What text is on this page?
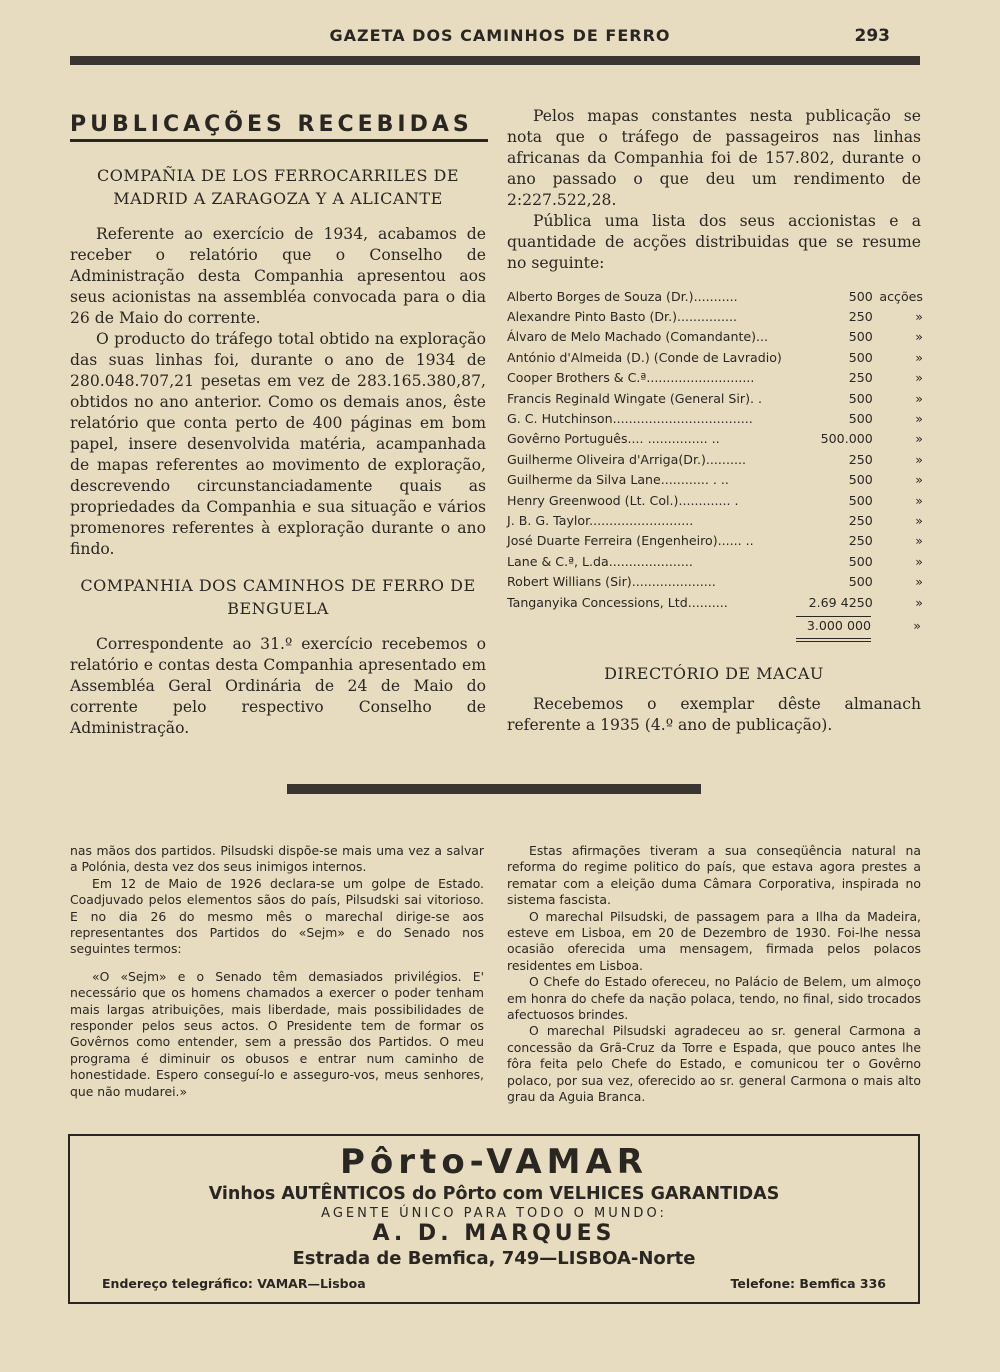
GAZETA DOS CAMINHOS DE FERRO	293
PUBLICAÇÕES RECEBIDAS
COMPAÑIA DE LOS FERROCARRILES DE MADRID A ZARAGOZA Y A ALICANTE

Referente ao exercício de 1934, acabamos de receber o relatório que o Conselho de Administração desta Companhia apresentou aos seus acionistas na assembléa convocada para o dia 26 de Maio do corrente.

O producto do tráfego total obtido na exploração das suas linhas foi, durante o ano de 1934 de 280.048.707,21 pesetas em vez de 283.165.380,87, obtidos no ano anterior. Como os demais anos, êste relatório que conta perto de 400 páginas em bom papel, insere desenvolvida matéria, acampanhada de mapas referentes ao movimento de exploração, descrevendo circunstanciadamente quais as propriedades da Companhia e sua situação e vários promenores referentes à exploração durante o ano findo.

COMPANHIA DOS CAMINHOS DE FERRO DE BENGUELA

Correspondente ao 31.º exercício recebemos o relatório e contas desta Companhia apresentado em Assembléa Geral Ordinária de 24 de Maio do corrente pelo respectivo Conselho de Administração.

Pelos mapas constantes nesta publicação se nota que o tráfego de passageiros nas linhas africanas da Companhia foi de 157.802, durante o ano passado o que deu um rendimento de 2:227.522,28.

Pública uma lista dos seus accionistas e a quantidade de acções distribuidas que se resume no seguinte:

Alberto Borges de Souza (Dr.)...........	500	acções
Alexandre Pinto Basto (Dr.)...............	250	»
Álvaro de Melo Machado (Comandante)...	500	»
António d'Almeida (D.) (Conde de Lavradio)	500	»
Cooper Brothers & C.ª...........................	250	»
Francis Reginald Wingate (General Sir). .	500	»
G. C. Hutchinson...................................	500	»
Govêrno Português.... ............... ..	500.000	»
Guilherme Oliveira d'Arriga(Dr.)..........	250	»
Guilherme da Silva Lane............ . ..	500	»
Henry Greenwood (Lt. Col.)............. .	500	»
J. B. G. Taylor..........................	250	»
José Duarte Ferreira (Engenheiro)...... ..	250	»
Lane & C.ª, L.da.....................	500	»
Robert Willians (Sir).....................	500	»
Tanganyika Concessions, Ltd..........	2.69 4250	»
3.000 000	»
DIRECTÓRIO DE MACAU

Recebemos o exemplar dêste almanach referente a 1935 (4.º ano de publicação).

nas mãos dos partidos. Pilsudski dispõe-se mais uma vez a salvar a Polónia, desta vez dos seus inimigos internos.

Em 12 de Maio de 1926 declara-se um golpe de Estado. Coadjuvado pelos elementos sãos do país, Pilsudski sai vitorioso. E no dia 26 do mesmo mês o marechal dirige-se aos representantes dos Partidos do «Sejm» e do Senado nos seguintes termos:

«O «Sejm» e o Senado têm demasiados privilégios. E' necessário que os homens chamados a exercer o poder tenham mais largas atribuições, mais liberdade, mais possibilidades de responder pelos seus actos. O Presidente tem de formar os Govêrnos como entender, sem a pressão dos Partidos. O meu programa é diminuir os obusos e entrar num caminho de honestidade. Espero conseguí-lo e asseguro-vos, meus senhores, que não mudarei.»

Estas afirmações tiveram a sua conseqüência natural na reforma do regime politico do país, que estava agora prestes a rematar com a eleição duma Câmara Corporativa, inspirada no sistema fascista.

O marechal Pilsudski, de passagem para a Ilha da Madeira, esteve em Lisboa, em 20 de Dezembro de 1930. Foi-lhe nessa ocasião oferecida uma mensagem, firmada pelos polacos residentes em Lisboa.

O Chefe do Estado ofereceu, no Palácio de Belem, um almoço em honra do chefe da nação polaca, tendo, no final, sido trocados afectuosos brindes.

O marechal Pilsudski agradeceu ao sr. general Carmona a concessão da Grã-Cruz da Torre e Espada, que pouco antes lhe fôra feita pelo Chefe do Estado, e comunicou ter o Govêrno polaco, por sua vez, oferecido ao sr. general Carmona o mais alto grau da Aguia Branca.

Pôrto-VAMAR
Vinhos AUTÊNTICOS do Pôrto com VELHICES GARANTIDAS
AGENTE ÚNICO PARA TODO O MUNDO:
A. D. MARQUES
Estrada de Bemfica, 749—LISBOA-Norte
Endereço telegráfico: VAMAR—Lisboa	Telefone: Bemfica 336
